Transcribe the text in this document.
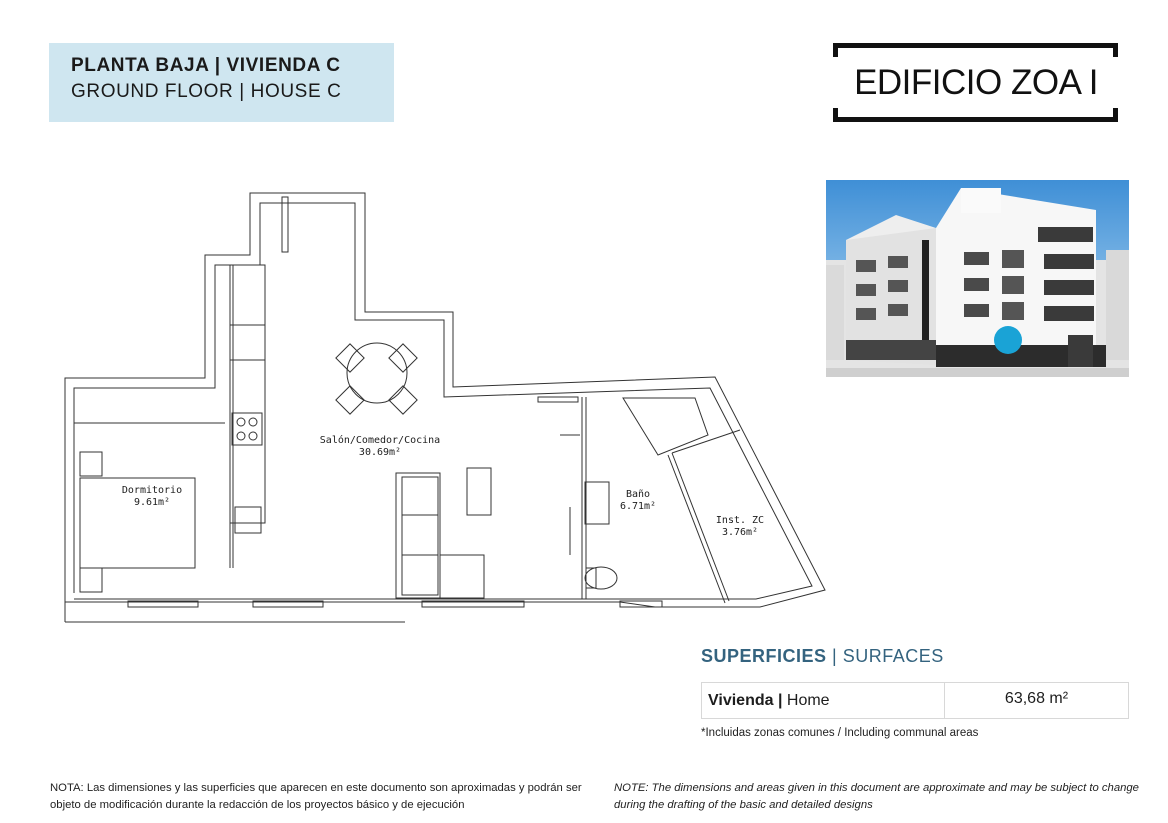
PLANTA BAJA | VIVIENDA C
GROUND FLOOR | HOUSE C	EDIFICIO ZOA I
Salón/Comedor/Cocina
30.69m²
Dormitorio
9.61m²
Baño
6.71m²
Inst. ZC
3.76m²
SUPERFICIES | SURFACES
Vivienda | Home	63,68 m²
*Incluidas zonas comunes / Including communal areas
NOTA: Las dimensiones y las superficies que aparecen en este documento son aproximadas y podrán ser objeto de modificación durante la redacción de los proyectos básico y de ejecución
NOTE: The dimensions and areas given in this document are approximate and may be subject to change during the drafting of the basic and detailed designs
